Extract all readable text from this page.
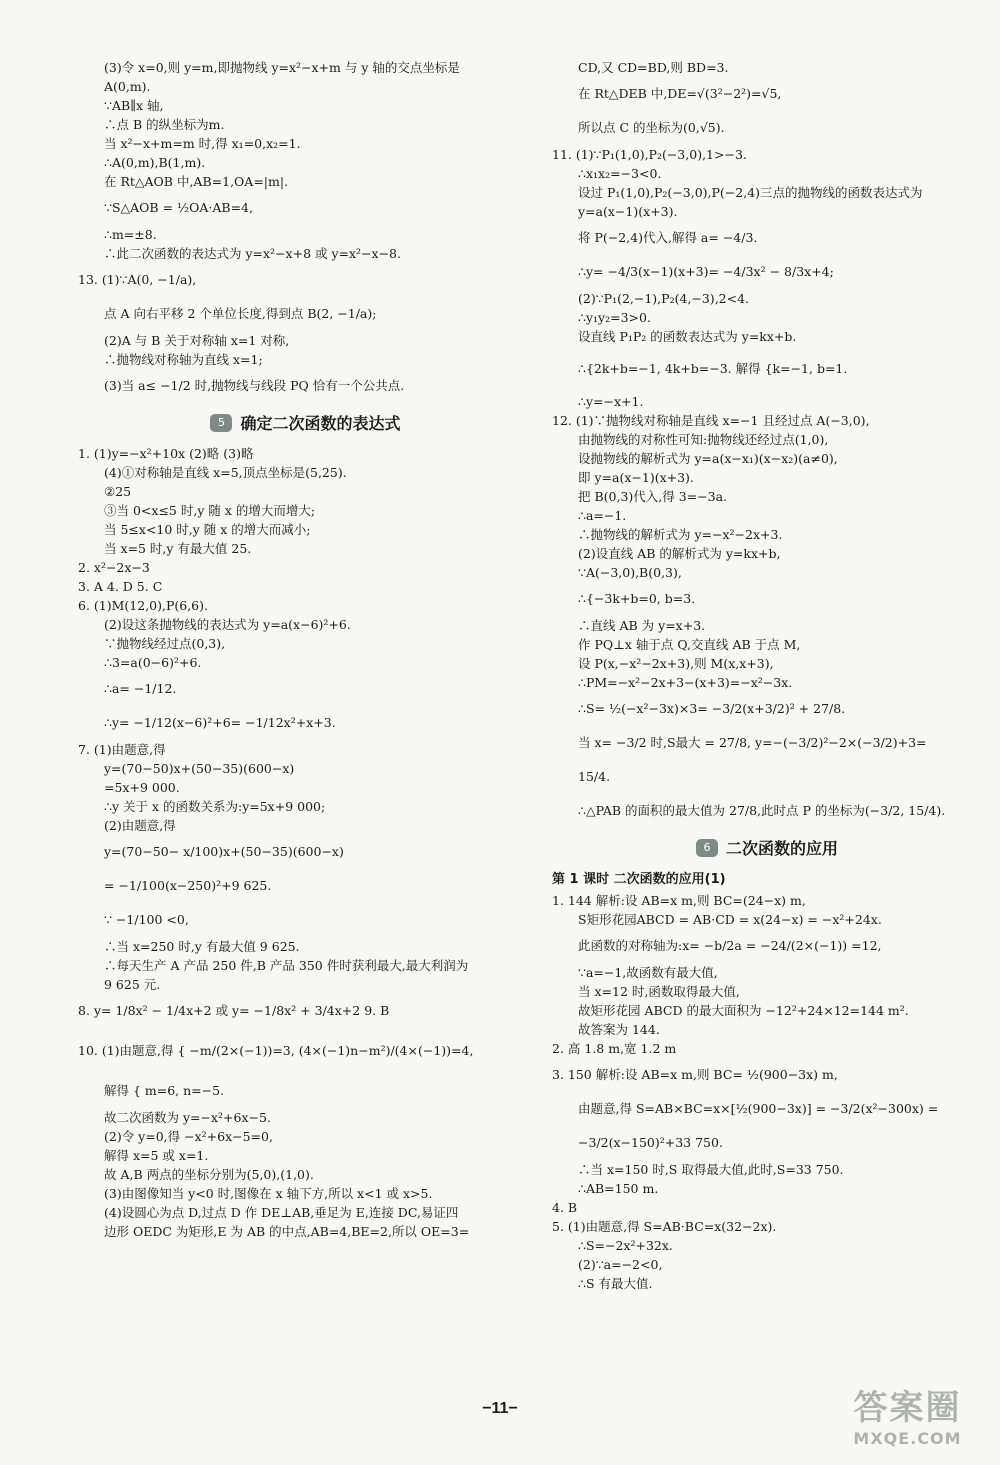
(3)令 x=0,则 y=m,即抛物线 y=x²−x+m 与 y 轴的交点坐标是
A(0,m).
∵AB∥x 轴,
∴点 B 的纵坐标为m.
当 x²−x+m=m 时,得 x₁=0,x₂=1.
∴A(0,m),B(1,m).
在 Rt△AOB 中,AB=1,OA=|m|.
∵S△AOB = ½OA·AB=4,
∴m=±8.
∴此二次函数的表达式为 y=x²−x+8 或 y=x²−x−8.
13. (1)∵A(0, −1/a),
点 A 向右平移 2 个单位长度,得到点 B(2, −1/a);
(2)A 与 B 关于对称轴 x=1 对称,
∴抛物线对称轴为直线 x=1;
(3)当 a≤ −1/2 时,抛物线与线段 PQ 恰有一个公共点.
5 确定二次函数的表达式
1. (1)y=−x²+10x (2)略 (3)略
(4)①对称轴是直线 x=5,顶点坐标是(5,25).
②25
③当 0<x≤5 时,y 随 x 的增大而增大;
当 5≤x<10 时,y 随 x 的增大而减小;
当 x=5 时,y 有最大值 25.
2. x²−2x−3
3. A 4. D 5. C
6. (1)M(12,0),P(6,6).
(2)设这条抛物线的表达式为 y=a(x−6)²+6.
∵抛物线经过点(0,3),
∴3=a(0−6)²+6.
∴a= −1/12.
∴y= −1/12(x−6)²+6= −1/12x²+x+3.
7. (1)由题意,得
y=(70−50)x+(50−35)(600−x)
=5x+9 000.
∴y 关于 x 的函数关系为:y=5x+9 000;
(2)由题意,得
y=(70−50− x/100)x+(50−35)(600−x)
= −1/100(x−250)²+9 625.
∵ −1/100 <0,
∴当 x=250 时,y 有最大值 9 625.
∴每天生产 A 产品 250 件,B 产品 350 件时获利最大,最大利润为
9 625 元.
8. y= 1/8x² − 1/4x+2 或 y= −1/8x² + 3/4x+2 9. B
10. (1)由题意,得 { −m/(2×(−1))=3, (4×(−1)n−m²)/(4×(−1))=4,
解得 { m=6, n=−5.
故二次函数为 y=−x²+6x−5.
(2)令 y=0,得 −x²+6x−5=0,
解得 x=5 或 x=1.
故 A,B 两点的坐标分别为(5,0),(1,0).
(3)由图像知当 y<0 时,图像在 x 轴下方,所以 x<1 或 x>5.
(4)设圆心为点 D,过点 D 作 DE⊥AB,垂足为 E,连接 DC,易证四
边形 OEDC 为矩形,E 为 AB 的中点,AB=4,BE=2,所以 OE=3=
CD,又 CD=BD,则 BD=3.
在 Rt△DEB 中,DE=√(3²−2²)=√5,
所以点 C 的坐标为(0,√5).
11. (1)∵P₁(1,0),P₂(−3,0),1>−3.
∴x₁x₂=−3<0.
设过 P₁(1,0),P₂(−3,0),P(−2,4)三点的抛物线的函数表达式为
y=a(x−1)(x+3).
将 P(−2,4)代入,解得 a= −4/3.
∴y= −4/3(x−1)(x+3)= −4/3x² − 8/3x+4;
(2)∵P₁(2,−1),P₂(4,−3),2<4.
∴y₁y₂=3>0.
设直线 P₁P₂ 的函数表达式为 y=kx+b.
∴{2k+b=−1, 4k+b=−3. 解得 {k=−1, b=1.
∴y=−x+1.
12. (1)∵抛物线对称轴是直线 x=−1 且经过点 A(−3,0),
由抛物线的对称性可知:抛物线还经过点(1,0),
设抛物线的解析式为 y=a(x−x₁)(x−x₂)(a≠0),
即 y=a(x−1)(x+3).
把 B(0,3)代入,得 3=−3a.
∴a=−1.
∴抛物线的解析式为 y=−x²−2x+3.
(2)设直线 AB 的解析式为 y=kx+b,
∵A(−3,0),B(0,3),
∴{−3k+b=0, b=3.
∴直线 AB 为 y=x+3.
作 PQ⊥x 轴于点 Q,交直线 AB 于点 M,
设 P(x,−x²−2x+3),则 M(x,x+3),
∴PM=−x²−2x+3−(x+3)=−x²−3x.
∴S= ½(−x²−3x)×3= −3/2(x+3/2)² + 27/8.
当 x= −3/2 时,S最大 = 27/8, y=−(−3/2)²−2×(−3/2)+3=
15/4.
∴△PAB 的面积的最大值为 27/8,此时点 P 的坐标为(−3/2, 15/4).
6 二次函数的应用
第 1 课时 二次函数的应用(1)
1. 144 解析:设 AB=x m,则 BC=(24−x) m,
S矩形花园ABCD = AB·CD = x(24−x) = −x²+24x.
此函数的对称轴为:x= −b/2a = −24/(2×(−1)) =12,
∵a=−1,故函数有最大值,
当 x=12 时,函数取得最大值,
故矩形花园 ABCD 的最大面积为 −12²+24×12=144 m².
故答案为 144.
2. 高 1.8 m,宽 1.2 m
3. 150 解析:设 AB=x m,则 BC= ½(900−3x) m,
由题意,得 S=AB×BC=x×[½(900−3x)] = −3/2(x²−300x) =
−3/2(x−150)²+33 750.
∴当 x=150 时,S 取得最大值,此时,S=33 750.
∴AB=150 m.
4. B
5. (1)由题意,得 S=AB·BC=x(32−2x).
∴S=−2x²+32x.
(2)∵a=−2<0,
∴S 有最大值.
−11−	答案圈
MXQE.COM
